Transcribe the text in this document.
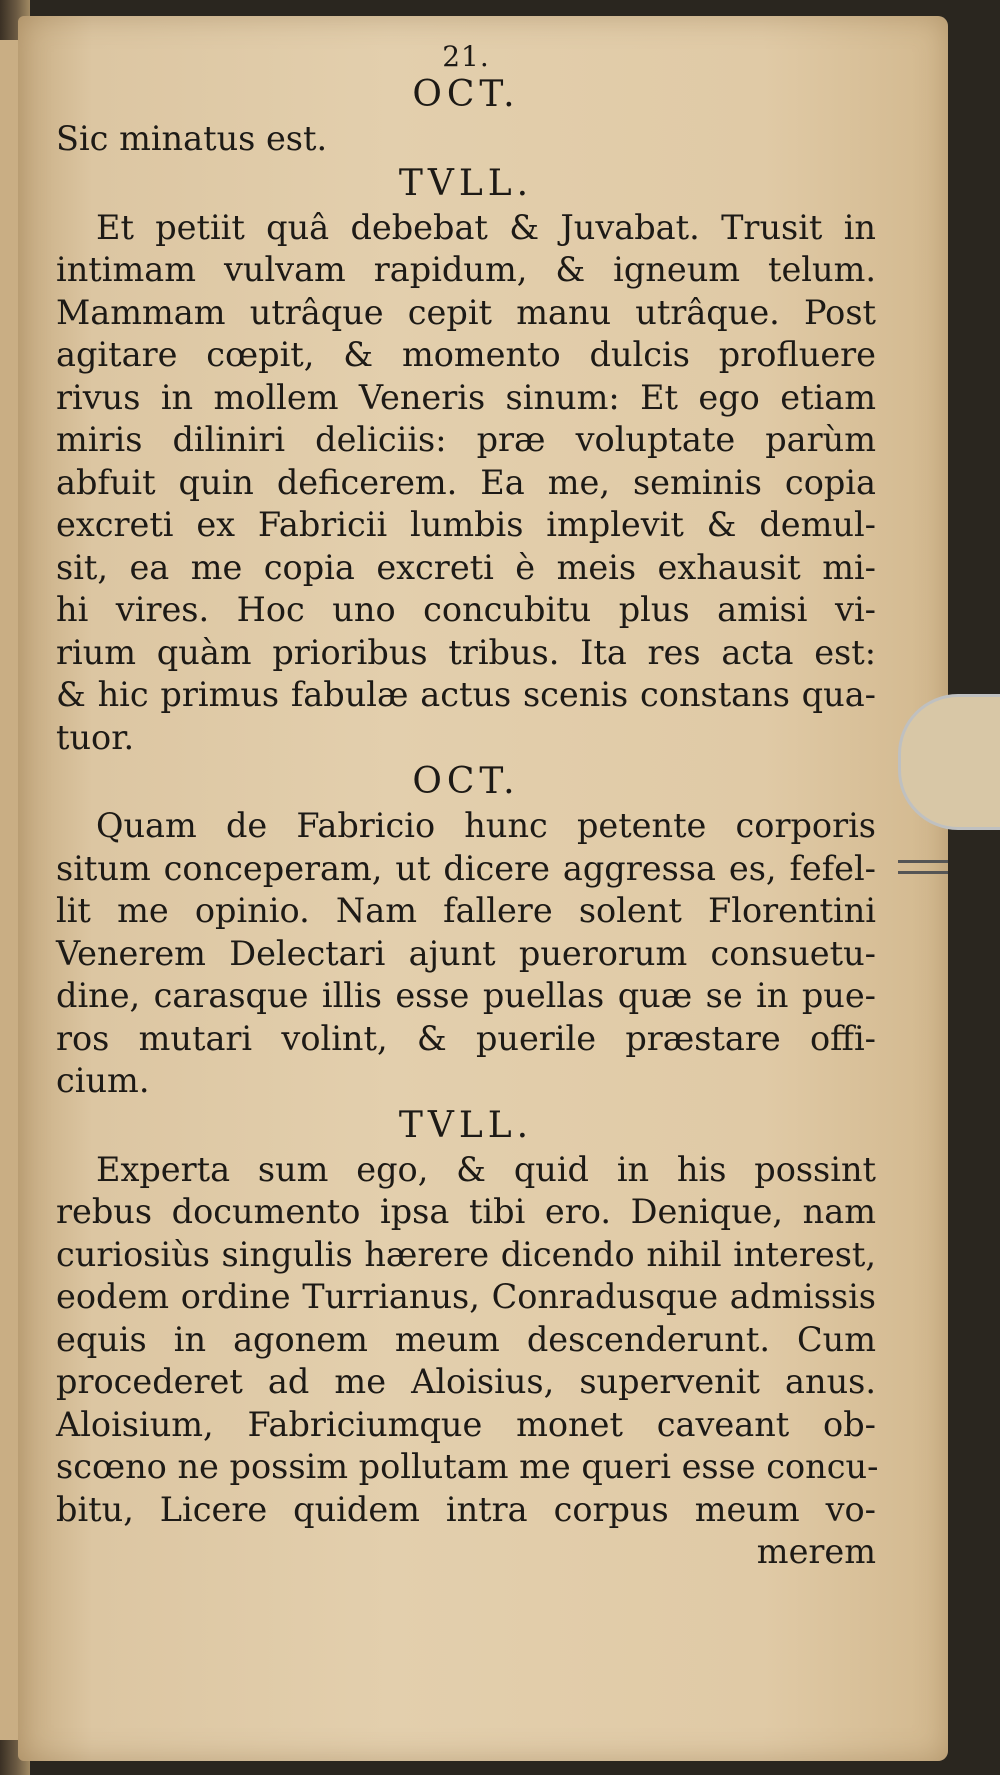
21.
OCT.
Sic minatus est.
TVLL.
Et petiit quâ debebat & Juvabat. Trusit in
intimam vulvam rapidum, & igneum telum.
Mammam utrâque cepit manu utrâque. Post
agitare cœpit, & momento dulcis profluere
rivus in mollem Veneris sinum: Et ego etiam
miris diliniri deliciis: præ voluptate parùm
abfuit quin deficerem. Ea me, seminis copia
excreti ex Fabricii lumbis implevit & demul-
sit, ea me copia excreti è meis exhausit mi-
hi vires. Hoc uno concubitu plus amisi vi-
rium quàm prioribus tribus. Ita res acta est:
& hic primus fabulæ actus scenis constans qua-
tuor.
OCT.
Quam de Fabricio hunc petente corporis
situm conceperam, ut dicere aggressa es, fefel-
lit me opinio. Nam fallere solent Florentini
Venerem Delectari ajunt puerorum consuetu-
dine, carasque illis esse puellas quæ se in pue-
ros mutari volint, & puerile præstare offi-
cium.
TVLL.
Experta sum ego, & quid in his possint
rebus documento ipsa tibi ero. Denique, nam
curiosiùs singulis hærere dicendo nihil interest,
eodem ordine Turrianus, Conradusque admissis
equis in agonem meum descenderunt. Cum
procederet ad me Aloisius, supervenit anus.
Aloisium, Fabriciumque monet caveant ob-
scœno ne possim pollutam me queri esse concu-
bitu, Licere quidem intra corpus meum vo-
merem
